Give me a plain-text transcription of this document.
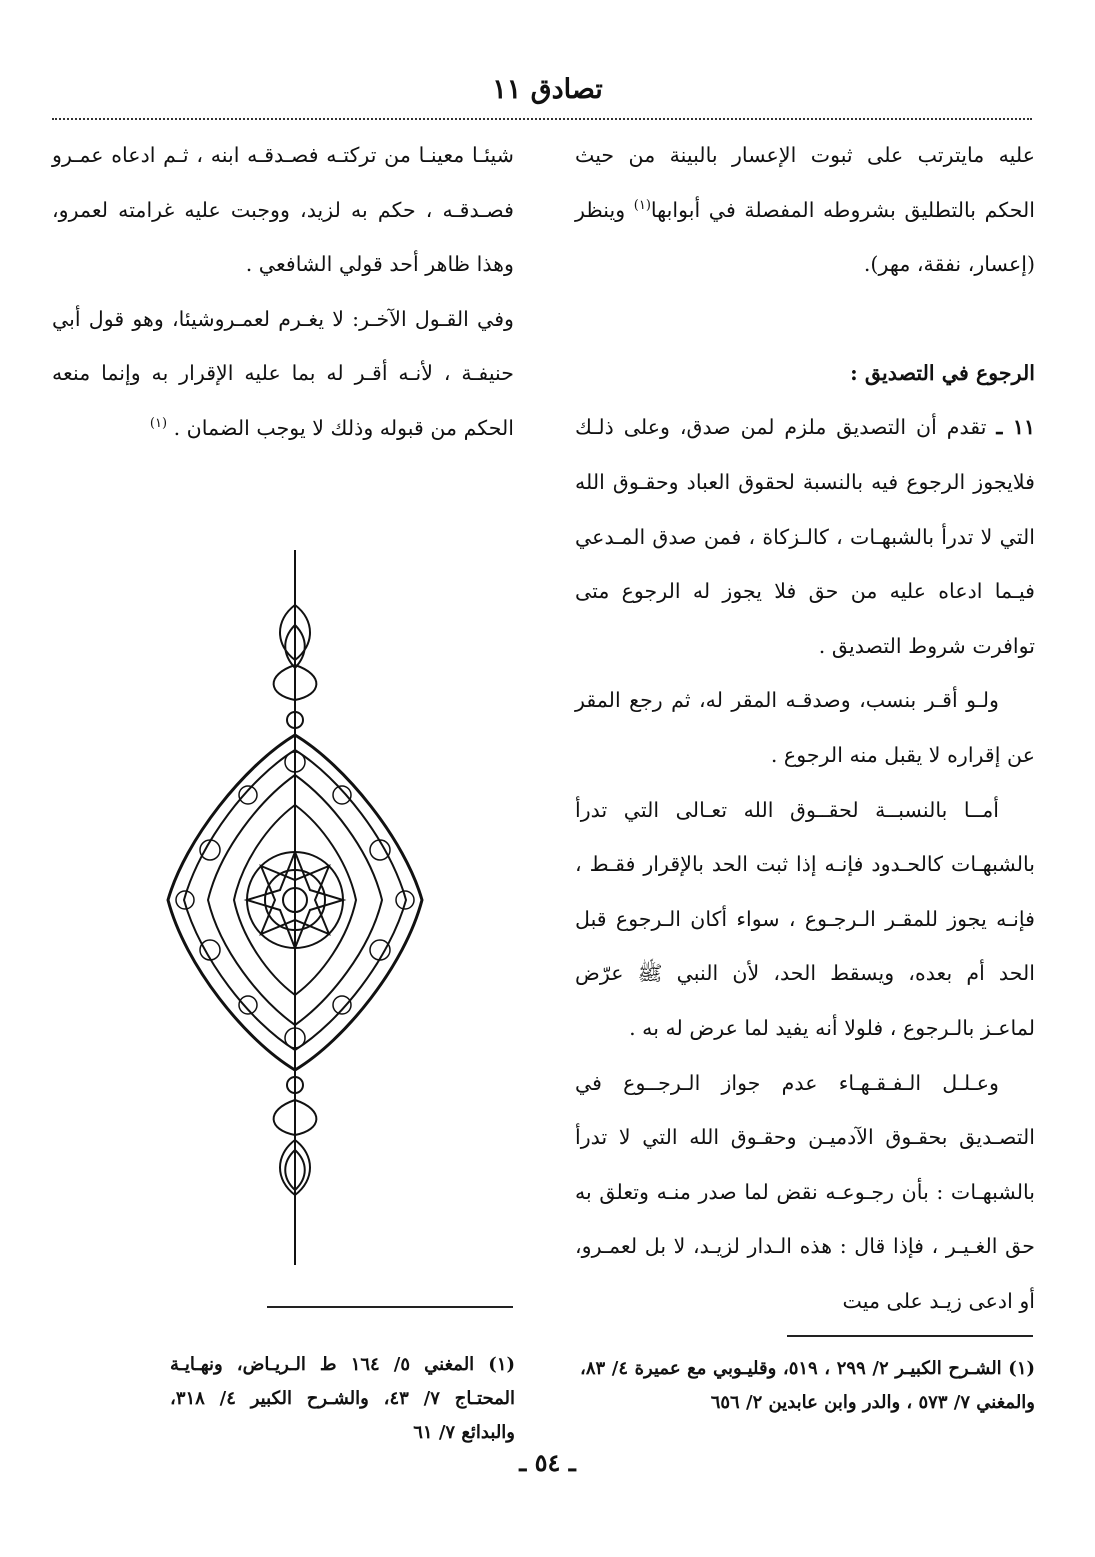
تصادق ١١

عليه مايترتب على ثبوت الإعسار بالبينة من حيث الحكم بالتطليق بشروطه المفصلة في أبوابها$^{(١)}$ وينظر (إعسار، نفقة، مهر).

الرجوع في التصديق :

١١ ـ تقدم أن التصديق ملزم لمن صدق، وعلى ذلـك فلايجوز الرجوع فيه بالنسبة لحقوق العباد وحقـوق الله التي لا تدرأ بالشبهـات ، كالـزكاة ، فمن صدق المـدعي فيـما ادعاه عليه من حق فلا يجوز له الرجوع متى توافرت شروط التصديق .

ولـو أقـر بنسب، وصدقـه المقر له، ثم رجع المقر عن إقراره لا يقبل منه الرجوع .

أمــا بالنسبــة لحقــوق الله تعـالى التي تدرأ بالشبهـات كالحـدود فإنـه إذا ثبت الحد بالإقرار فقـط ، فإنـه يجوز للمقـر الـرجـوع ، سواء أكان الـرجوع قبل الحد أم بعده، ويسقط الحد، لأن النبي ﷺ عرّض لماعـز بالـرجوع ، فلولا أنه يفيد لما عرض له به .

وعـلـل الـفـقـهـاء عدم جواز الـرجــوع في التصـديق بحقـوق الآدميـن وحقـوق الله التي لا تدرأ بالشبهـات : بأن رجـوعـه نقض لما صدر منـه وتعلق به حق الغـيـر ، فإذا قال : هذه الـدار لزيـد، لا بل لعمـرو، أو ادعى زيـد على ميت

شيئـا معينـا من تركتـه فصـدقـه ابنه ، ثـم ادعاه عمـرو فصـدقـه ، حكم به لزيد، ووجبت عليه غرامته لعمرو، وهذا ظاهر أحد قولي الشافعي .

وفي القـول الآخـر: لا يغـرم لعمـروشيئا، وهو قول أبي حنيفـة ، لأنـه أقـر له بما عليه الإقرار به وإنما منعه الحكم من قبوله وذلك لا يوجب الضمان . $^{(١)}$

(١) الشـرح الكبيـر ٢/ ٢٩٩ ، ٥١٩، وقليـوبي مع عميرة ٤/ ٨٣، والمغني ٧/ ٥٧٣ ، والدر وابن عابدين ٢/ ٦٥٦
(١) المغني ٥/ ١٦٤ ط الـريـاض، ونهـايـة المحتـاج ٧/ ٤٣، والشـرح الكبير ٤/ ٣١٨، والبدائع ٧/ ٦١
ـ ٥٤ ـ
